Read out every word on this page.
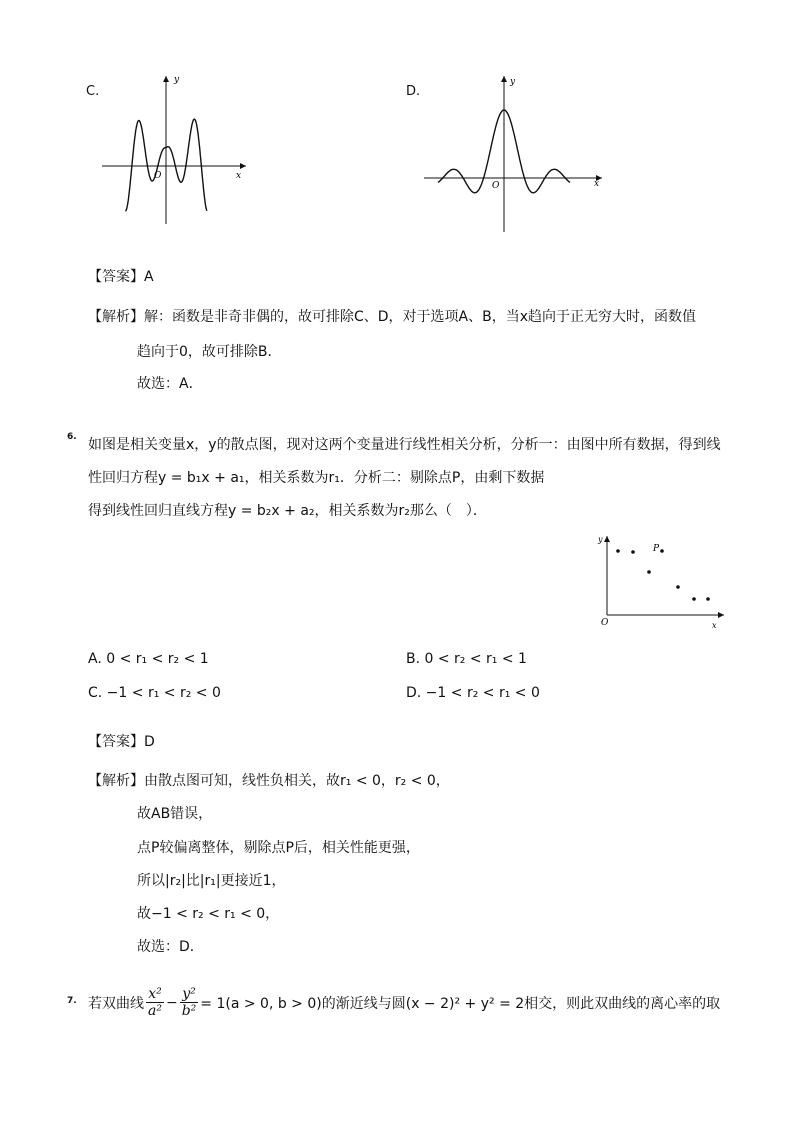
C.
y
x
O
D.
y
x
O
【答案】A
【解析】解：函数是非奇非偶的，故可排除C、D，对于选项A、B，当x趋向于正无穷大时，函数值
趋向于0，故可排除B．
故选：A．
6. 如图是相关变量x，y的散点图，现对这两个变量进行线性相关分析，分析一：由图中所有数据，得到线
性回归方程y = b₁x + a₁，相关系数为r₁．分析二：剔除点P，由剩下数据
得到线性回归直线方程y = b₂x + a₂，相关系数为r₂那么（　）．
P
y
x
O
A. 0 < r₁ < r₂ < 1	B. 0 < r₂ < r₁ < 1
C. −1 < r₁ < r₂ < 0	D. −1 < r₂ < r₁ < 0
【答案】D
【解析】由散点图可知，线性负相关，故r₁ < 0，r₂ < 0，
故AB错误，
点P较偏离整体，剔除点P后，相关性能更强，
所以|r₂|比|r₁|更接近1，
故−1 < r₂ < r₁ < 0，
故选：D．
7. 若双曲线 $\frac{\text{x²}}{\text{a²}} - \frac{\text{y²}}{\text{b²}} = 1(a > 0$, b > 0)的渐近线与圆(x − 2)² + y² = 2相交，则此双曲线的离心率的取
